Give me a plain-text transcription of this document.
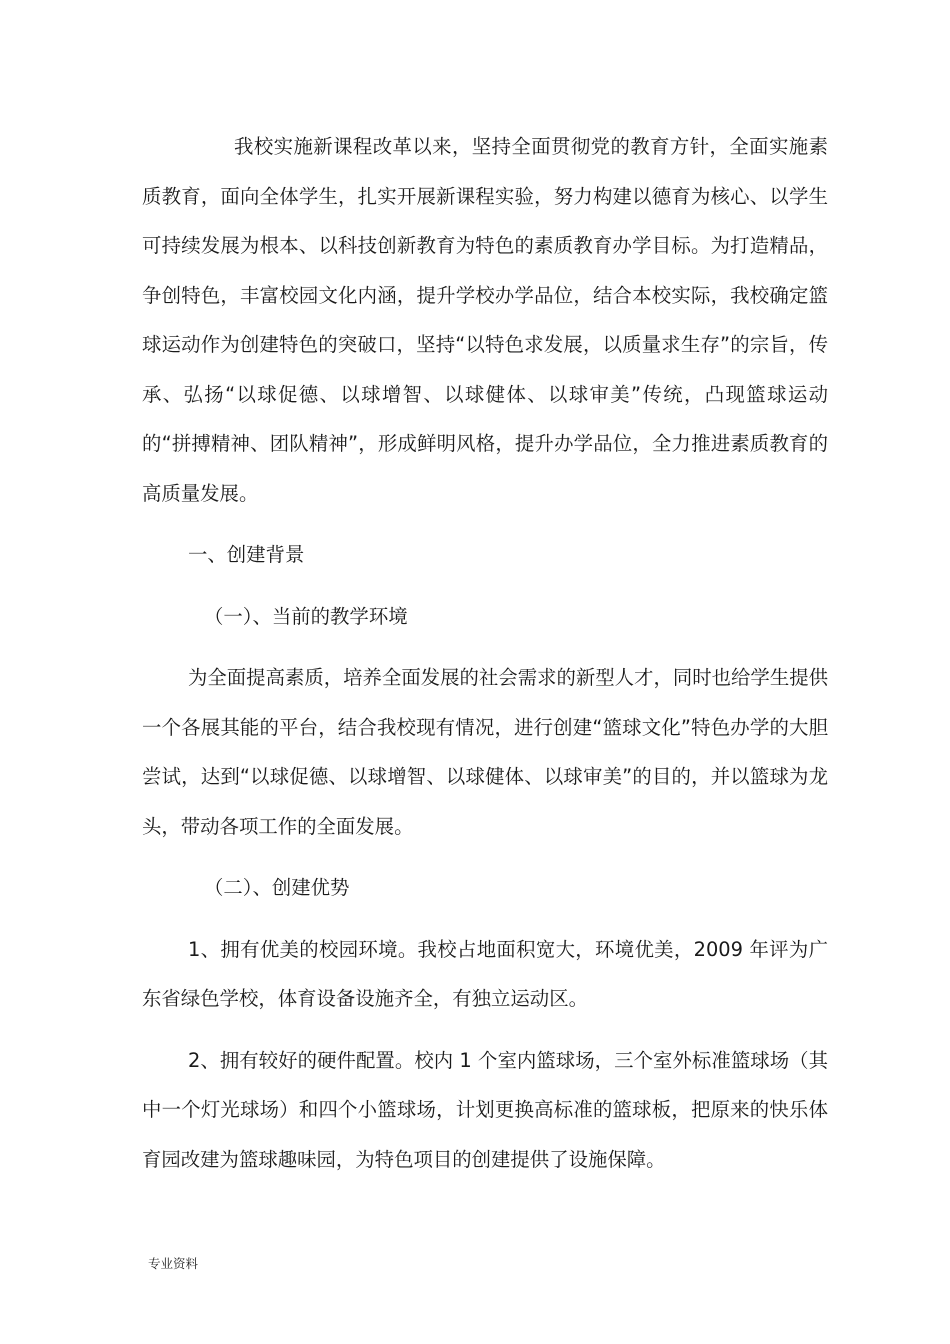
我校实施新课程改革以来，坚持全面贯彻党的教育方针，全面实施素质教育，面向全体学生，扎实开展新课程实验，努力构建以德育为核心、以学生可持续发展为根本、以科技创新教育为特色的素质教育办学目标。为打造精品，争创特色，丰富校园文化内涵，提升学校办学品位，结合本校实际，我校确定篮球运动作为创建特色的突破口，坚持“以特色求发展，以质量求生存”的宗旨，传承、弘扬“以球促德、以球增智、以球健体、以球审美”传统，凸现篮球运动的“拼搏精神、团队精神”，形成鲜明风格，提升办学品位，全力推进素质教育的高质量发展。

一、创建背景

（一）、当前的教学环境

为全面提高素质，培养全面发展的社会需求的新型人才，同时也给学生提供一个各展其能的平台，结合我校现有情况，进行创建“篮球文化”特色办学的大胆尝试，达到“以球促德、以球增智、以球健体、以球审美”的目的，并以篮球为龙头，带动各项工作的全面发展。

（二）、创建优势

1、拥有优美的校园环境。我校占地面积宽大，环境优美，2009 年评为广东省绿色学校，体育设备设施齐全，有独立运动区。

2、拥有较好的硬件配置。校内 1 个室内篮球场，三个室外标准篮球场（其中一个灯光球场）和四个小篮球场，计划更换高标准的篮球板，把原来的快乐体育园改建为篮球趣味园，为特色项目的创建提供了设施保障。

专业资料
